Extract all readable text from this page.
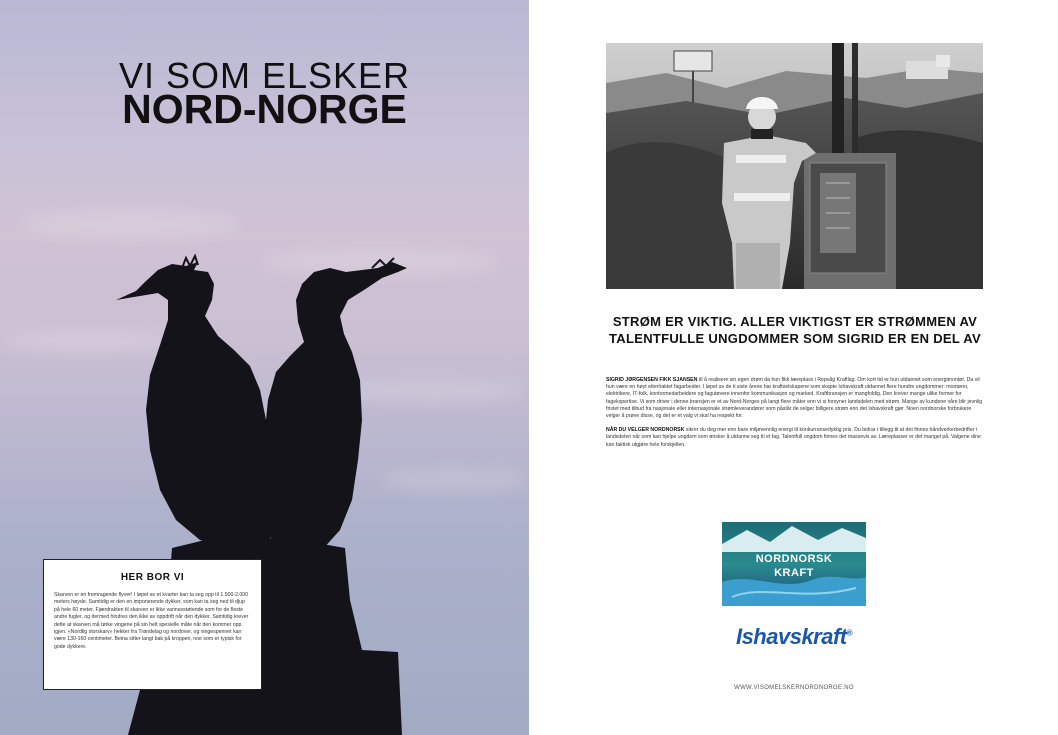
VI SOM ELSKER
NORD-NORGE
HER BOR VI
Skarven er en fremragende flyver! I løpet av et kvarter kan ta seg opp til 1.500-2.000 meters høyde. Samtidig er den en imponerende dykker, som kan ta seg ned til djup på hele 60 meter. Fjærdrakten til skarven er ikke vannavstøtende som for de fleste andre fugler, og dermed hindres den ikke av oppdrift når den dykker. Samtidig krever dette at skarven må tørke vingene på sin helt spesielle måte når den kommer opp igjen. «Nordlig storskarv» hekker fra Trøndelag og nordover, og vingespennet kan være 130-160 centimeter. Beina sitter langt bak på kroppen, noe som er typisk for gode dykkere.
STRØM ER VIKTIG. ALLER VIKTIGST ER STRØMMEN AV TALENTFULLE UNGDOMMER SOM SIGRID ER EN DEL AV

SIGRID JØRGENSEN FIKK SJANSEN til å realisere sin egen drøm da hun fikk læreplass i Repvåg Kraftlag. Om kort tid er hun utdannet som energimontør. Da vil hun være en høyt etterlraktet fagarbeider. I løpet av de ti siste årene har kraftselskapene som skapte Ishavskraft utdannet flere hundre ungdommer: montører, elektrikere, IT-folk, kontormedarbeidere og fagutøvere innenfor kommunikasjon og marked. Kraftbransjen er mangfoldig. Den krever mange ulike former for fagekspertise. Vi som driver i denne bransjen er et av Nord-Norges på langt flere måter enn vi si forsyner landsdelen med strøm. Mange av kundene våre blir jevnlig fristet med tilbud fra nasjonale eller internasjonale strømleverandører som påstår de selger billigere strøm enn det Ishavskraft gjør. Noen nordnorske forbrukere velger å prøve disse, og det er et valg vi skal ha respekt for.

NÅR DU VELGER NORDNORSK sikrer du deg mer enn bare miljøvennlig energi til konkurransedyktig pris. Du bidrar i tillegg til at det finnes håndverkerbedrifter i landsdelen når som kan hjelpe ungdom som ønsker å utdanne seg til et fag. Talentfull ungdom finnes det massevis av. Læreplasser er det mangel på. Valgene dine kan faktisk utgjøre hele forskjellen.

NORDNORSK
KRAFT
Ishavskraft®
WWW.VISOMELSKERNORDNORGE.NO
